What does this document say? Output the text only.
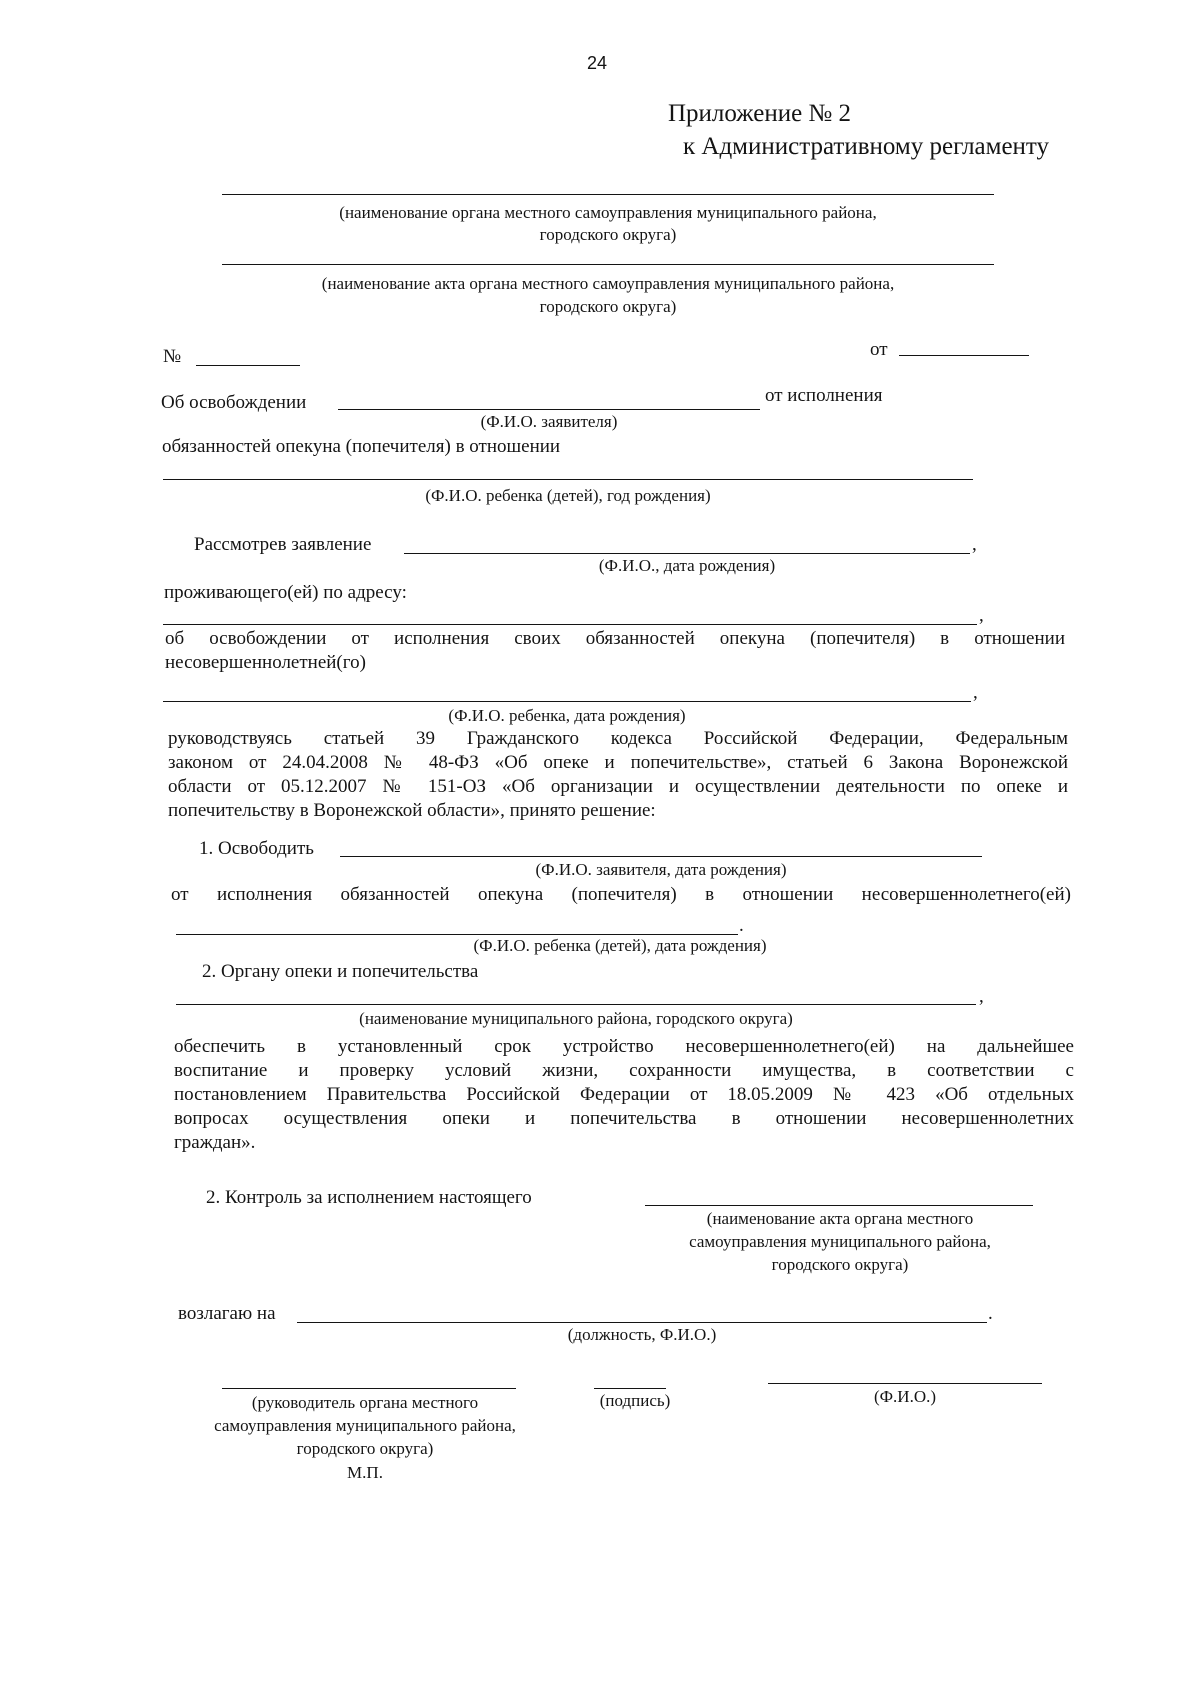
24
Приложение № 2
к Административному регламенту
(наименование органа местного самоуправления муниципального района,
городского округа)
(наименование акта органа местного самоуправления муниципального района,
городского округа)
№	от
Об освобождении	от исполнения
(Ф.И.О. заявителя)
обязанностей опекуна (попечителя) в отношении
(Ф.И.О. ребенка (детей), год рождения)
Рассмотрев заявление	,
(Ф.И.О., дата рождения)
проживающего(ей) по адресу:
,
об освобождении от исполнения своих обязанностей опекуна (попечителя) в отношении
несовершеннолетней(го)
,
(Ф.И.О. ребенка, дата рождения)
руководствуясь статьей 39 Гражданского кодекса Российской Федерации, Федеральным
законом от 24.04.2008 № 48-ФЗ «Об опеке и попечительстве», статьей 6 Закона Воронежской
области от 05.12.2007 № 151-ОЗ «Об организации и осуществлении деятельности по опеке и
попечительству в Воронежской области», принято решение:
1. Освободить
(Ф.И.О. заявителя, дата рождения)
от исполнения обязанностей опекуна (попечителя) в отношении несовершеннолетнего(ей)
.
(Ф.И.О. ребенка (детей), дата рождения)
2. Органу опеки и попечительства
,
(наименование муниципального района, городского округа)
обеспечить в установленный срок устройство несовершеннолетнего(ей) на дальнейшее
воспитание и проверку условий жизни, сохранности имущества, в соответствии с
постановлением Правительства Российской Федерации от 18.05.2009 № 423 «Об отдельных
вопросах осуществления опеки и попечительства в отношении несовершеннолетних
граждан».
2. Контроль за исполнением настоящего
(наименование акта органа местного
самоуправления муниципального района,
городского округа)
возлагаю на	.
(должность, Ф.И.О.)
(руководитель органа местного
самоуправления муниципального района,
городского округа)
М.П.
(подпись)	(Ф.И.О.)
